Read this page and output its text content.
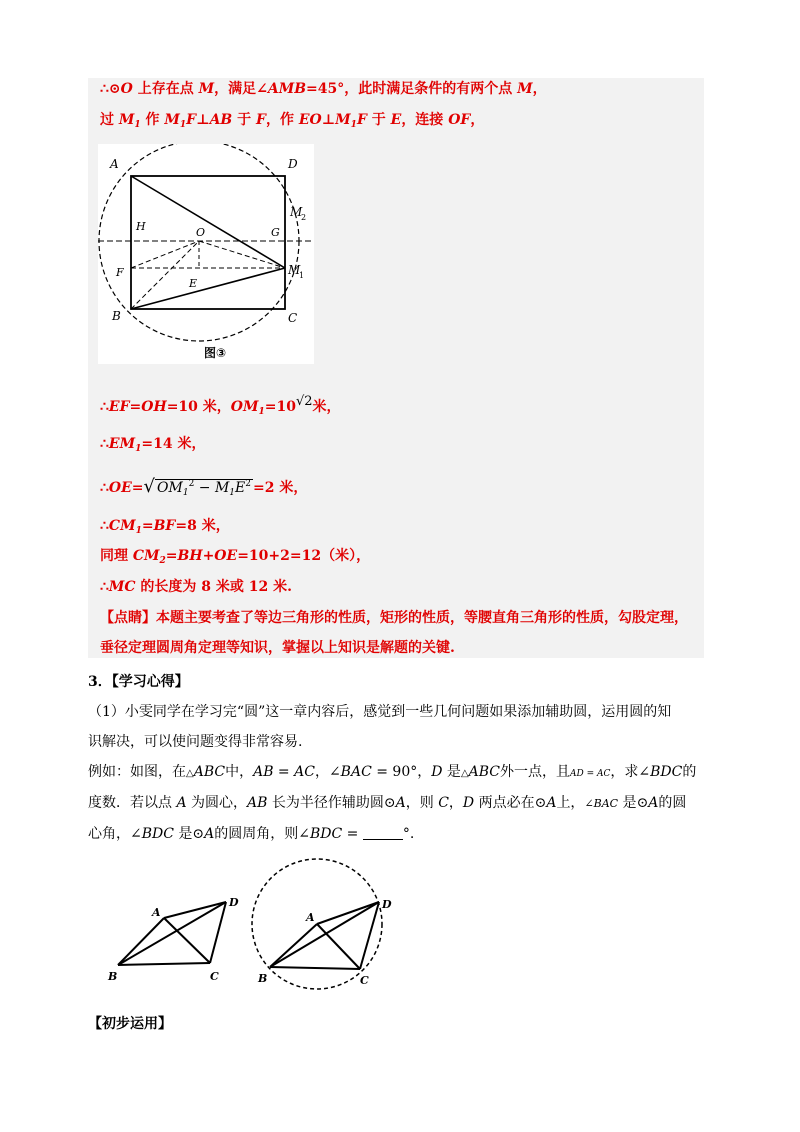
∴⊙O 上存在点 M，满足∠AMB=45°，此时满足条件的有两个点 M，
过 $M_1$ 作 $M_1F\perp AB$ 于 F，作 $EO\perp M_1F$ 于 E，连接 OF，
A	D
M
2
H	O	G
F	M
1
E
B	C
图③
∴EF=OH=10 米，$OM_1=10√2$米，
$\therefore EM_1=14$ 米，
∴OE=√ $OM_1^2 - M_1E^2 =2$ 米，
$\therefore CM_1=BF=8$ 米，
同理 $CM_2=BH+OE=10+2=12$（米），
∴MC 的长度为 8 米或 12 米.
【点睛】本题主要考查了等边三角形的性质，矩形的性质，等腰直角三角形的性质，勾股定理，
垂径定理圆周角定理等知识，掌握以上知识是解题的关键.
3．【学习心得】
（1）小雯同学在学习完“圆”这一章内容后，感觉到一些几何问题如果添加辅助圆，运用圆的知
识解决，可以使问题变得非常容易.
例如：如图，在△ABC中，AB = AC，∠BAC = 90°，D 是△ABC外一点，且AD = AC，求∠BDC的
度数．若以点 A 为圆心，AB 长为半径作辅助圆⊙A，则 C，D 两点必在⊙A上，∠BAC 是⊙A的圆
心角，∠BDC 是⊙A的圆周角，则∠BDC =	°.
A
D
B	C
A
D
B	C
【初步运用】
